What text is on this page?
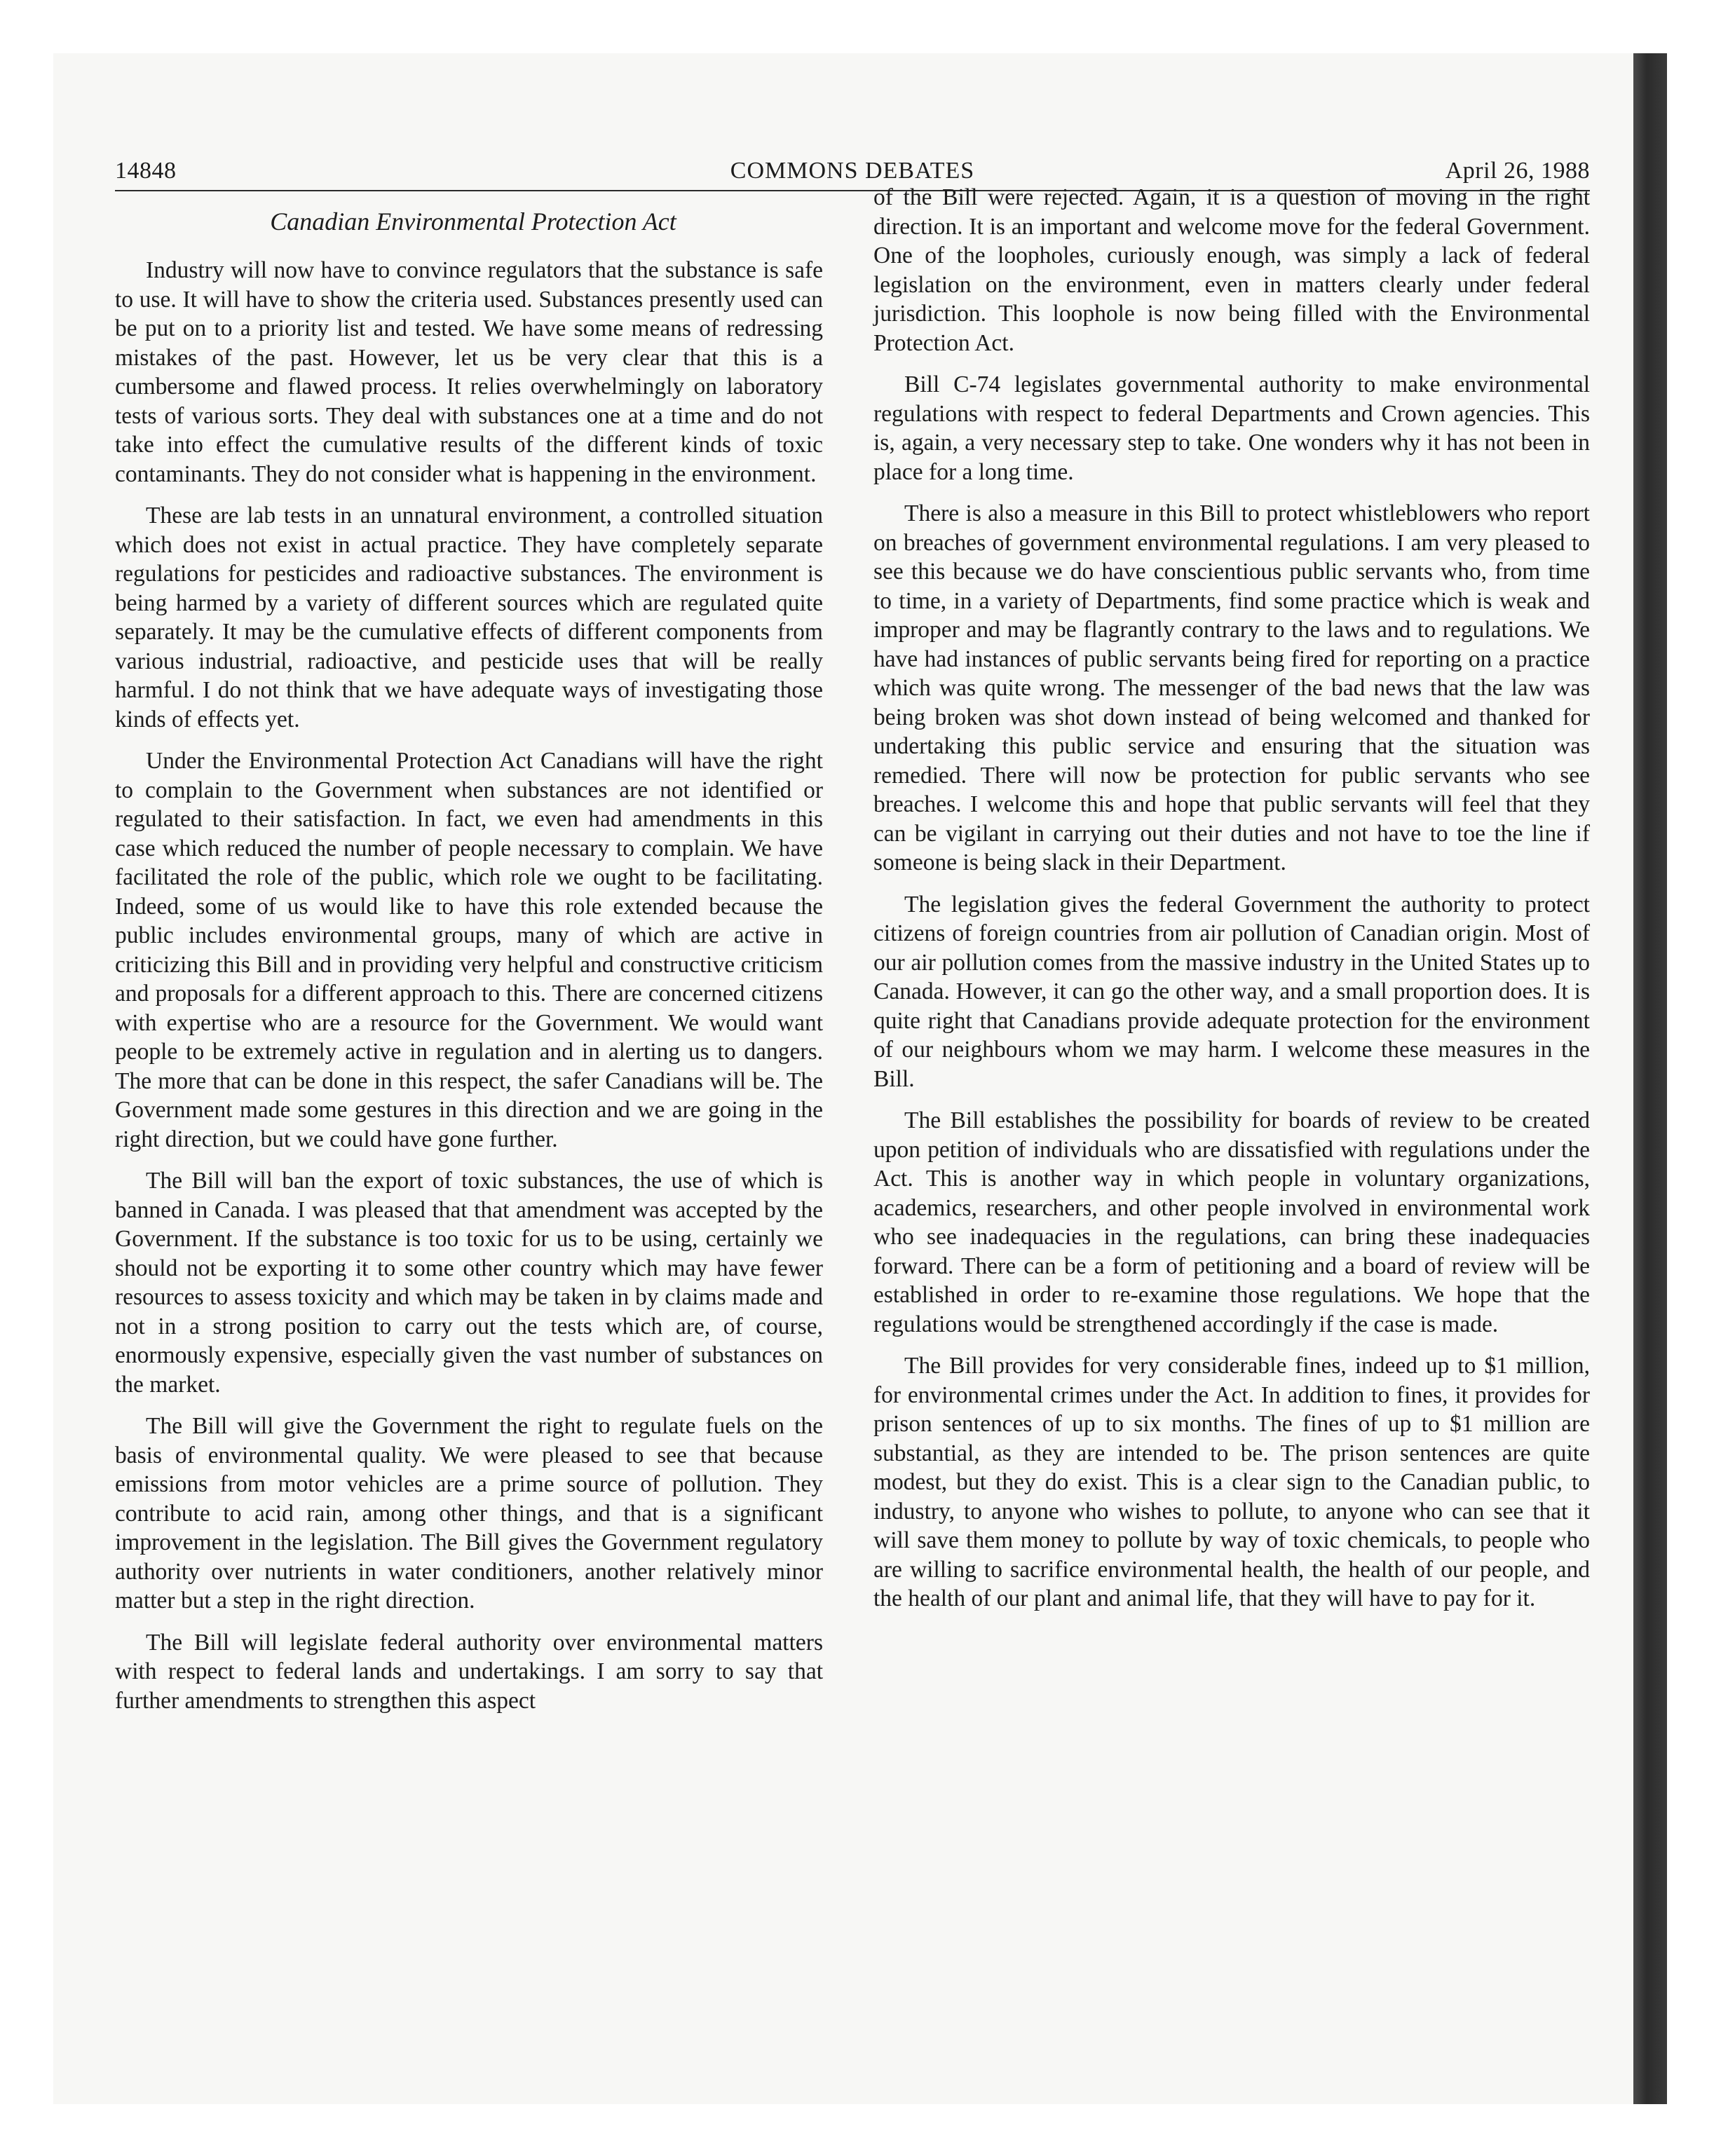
14848	COMMONS DEBATES	April 26, 1988
Canadian Environmental Protection Act

Industry will now have to convince regulators that the substance is safe to use. It will have to show the criteria used. Substances presently used can be put on to a priority list and tested. We have some means of redressing mistakes of the past. However, let us be very clear that this is a cumbersome and flawed process. It relies overwhelmingly on laboratory tests of various sorts. They deal with substances one at a time and do not take into effect the cumulative results of the different kinds of toxic contaminants. They do not consider what is happening in the environment.

These are lab tests in an unnatural environment, a controlled situation which does not exist in actual practice. They have completely separate regulations for pesticides and radioactive substances. The environment is being harmed by a variety of different sources which are regulated quite separately. It may be the cumulative effects of different components from various industrial, radioactive, and pesticide uses that will be really harmful. I do not think that we have adequate ways of investigating those kinds of effects yet.

Under the Environmental Protection Act Canadians will have the right to complain to the Government when substances are not identified or regulated to their satisfaction. In fact, we even had amendments in this case which reduced the number of people necessary to complain. We have facilitated the role of the public, which role we ought to be facilitating. Indeed, some of us would like to have this role extended because the public includes environmental groups, many of which are active in criticizing this Bill and in providing very helpful and constructive criticism and proposals for a different approach to this. There are concerned citizens with expertise who are a resource for the Government. We would want people to be extremely active in regulation and in alerting us to dangers. The more that can be done in this respect, the safer Canadians will be. The Government made some gestures in this direction and we are going in the right direction, but we could have gone further.

The Bill will ban the export of toxic substances, the use of which is banned in Canada. I was pleased that that amendment was accepted by the Government. If the substance is too toxic for us to be using, certainly we should not be exporting it to some other country which may have fewer resources to assess toxicity and which may be taken in by claims made and not in a strong position to carry out the tests which are, of course, enormously expensive, especially given the vast number of substances on the market.

The Bill will give the Government the right to regulate fuels on the basis of environmental quality. We were pleased to see that because emissions from motor vehicles are a prime source of pollution. They contribute to acid rain, among other things, and that is a significant improvement in the legislation. The Bill gives the Government regulatory authority over nutrients in water conditioners, another relatively minor matter but a step in the right direction.

The Bill will legislate federal authority over environmental matters with respect to federal lands and undertakings. I am sorry to say that further amendments to strengthen this aspect

of the Bill were rejected. Again, it is a question of moving in the right direction. It is an important and welcome move for the federal Government. One of the loopholes, curiously enough, was simply a lack of federal legislation on the environment, even in matters clearly under federal jurisdiction. This loophole is now being filled with the Environmental Protection Act.

Bill C-74 legislates governmental authority to make environmental regulations with respect to federal Departments and Crown agencies. This is, again, a very necessary step to take. One wonders why it has not been in place for a long time.

There is also a measure in this Bill to protect whistleblowers who report on breaches of government environmental regulations. I am very pleased to see this because we do have conscientious public servants who, from time to time, in a variety of Departments, find some practice which is weak and improper and may be flagrantly contrary to the laws and to regulations. We have had instances of public servants being fired for reporting on a practice which was quite wrong. The messenger of the bad news that the law was being broken was shot down instead of being welcomed and thanked for undertaking this public service and ensuring that the situation was remedied. There will now be protection for public servants who see breaches. I welcome this and hope that public servants will feel that they can be vigilant in carrying out their duties and not have to toe the line if someone is being slack in their Department.

The legislation gives the federal Government the authority to protect citizens of foreign countries from air pollution of Canadian origin. Most of our air pollution comes from the massive industry in the United States up to Canada. However, it can go the other way, and a small proportion does. It is quite right that Canadians provide adequate protection for the environment of our neighbours whom we may harm. I welcome these measures in the Bill.

The Bill establishes the possibility for boards of review to be created upon petition of individuals who are dissatisfied with regulations under the Act. This is another way in which people in voluntary organizations, academics, researchers, and other people involved in environmental work who see inadequacies in the regulations, can bring these inadequacies forward. There can be a form of petitioning and a board of review will be established in order to re-examine those regulations. We hope that the regulations would be strengthened accordingly if the case is made.

The Bill provides for very considerable fines, indeed up to $1 million, for environmental crimes under the Act. In addition to fines, it provides for prison sentences of up to six months. The fines of up to $1 million are substantial, as they are intended to be. The prison sentences are quite modest, but they do exist. This is a clear sign to the Canadian public, to industry, to anyone who wishes to pollute, to anyone who can see that it will save them money to pollute by way of toxic chemicals, to people who are willing to sacrifice environmental health, the health of our people, and the health of our plant and animal life, that they will have to pay for it.
